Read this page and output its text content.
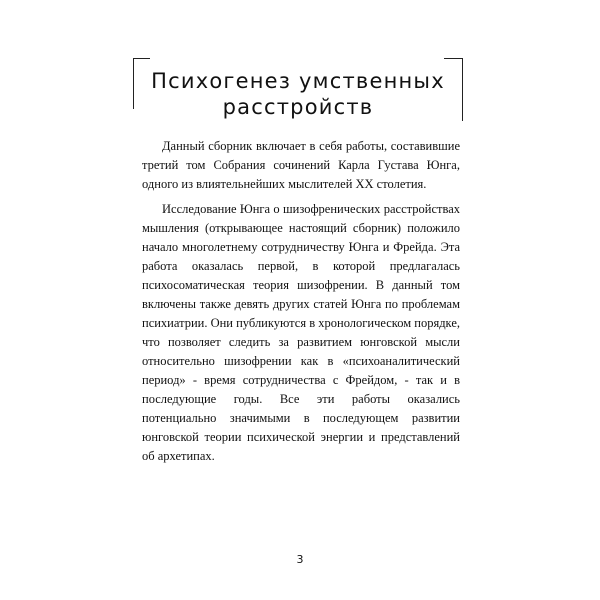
Психогенез умственных
расстройств

Данный сборник включает в себя работы, составившие третий том Собрания сочинений Карла Густава Юнга, одного из влиятельнейших мыслителей XX столетия.

Исследование Юнга о шизофренических расстройствах мышления (открывающее настоящий сборник) положило начало многолетнему сотрудничеству Юнга и Фрейда. Эта работа оказалась первой, в которой предлагалась психосоматическая теория шизофрении. В данный том включены также девять других статей Юнга по проблемам психиатрии. Они публикуются в хронологическом порядке, что позволяет следить за развитием юнговской мысли относительно шизофрении как в «психоаналитический период» - время сотрудничества с Фрейдом, - так и в последующие годы. Все эти работы оказались потенциально значимыми в последующем развитии юнговской теории психической энергии и представлений об архетипах.

3
